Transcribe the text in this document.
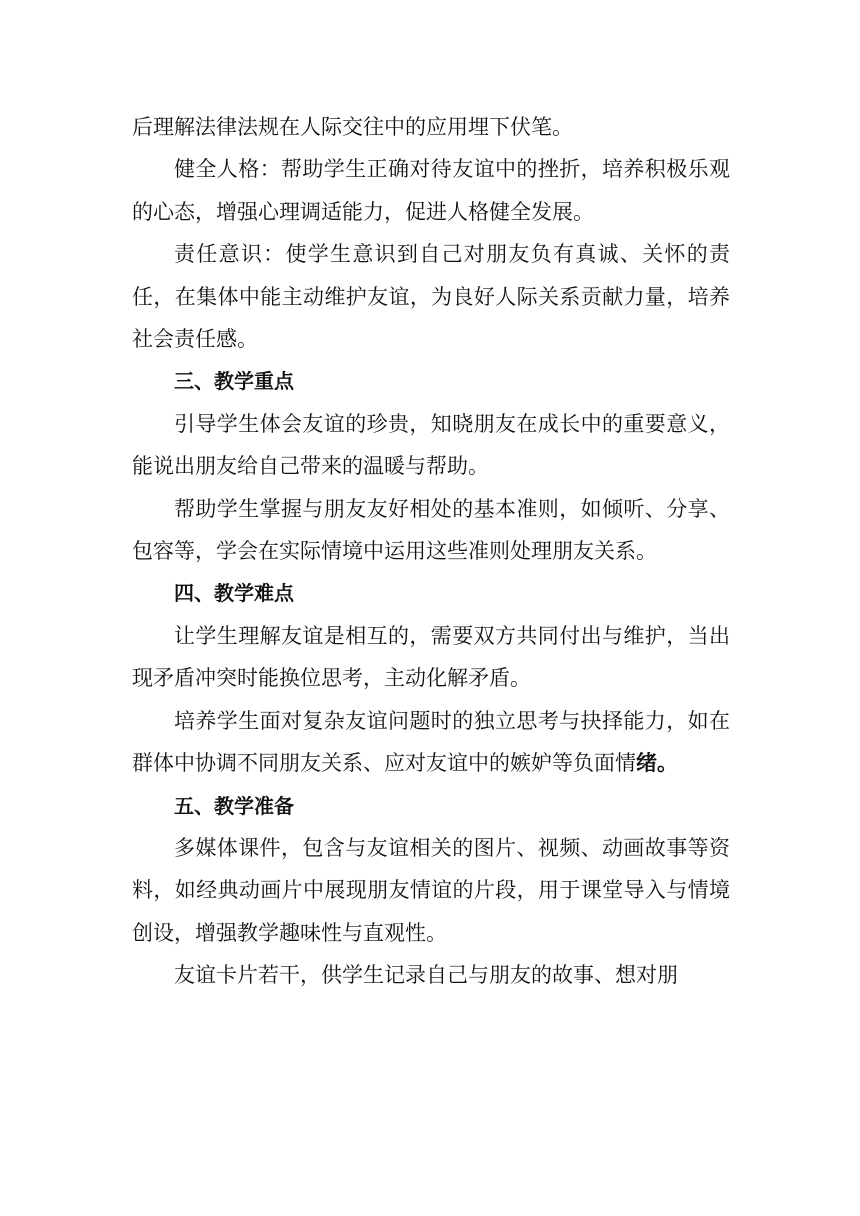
后理解法律法规在人际交往中的应用埋下伏笔。

健全人格：帮助学生正确对待友谊中的挫折，培养积极乐观的心态，增强心理调适能力，促进人格健全发展。

责任意识：使学生意识到自己对朋友负有真诚、关怀的责任，在集体中能主动维护友谊，为良好人际关系贡献力量，培养社会责任感。

三、教学重点

引导学生体会友谊的珍贵，知晓朋友在成长中的重要意义，能说出朋友给自己带来的温暖与帮助。

帮助学生掌握与朋友友好相处的基本准则，如倾听、分享、包容等，学会在实际情境中运用这些准则处理朋友关系。

四、教学难点

让学生理解友谊是相互的，需要双方共同付出与维护，当出现矛盾冲突时能换位思考，主动化解矛盾。

培养学生面对复杂友谊问题时的独立思考与抉择能力，如在群体中协调不同朋友关系、应对友谊中的嫉妒等负面情绪。

五、教学准备

多媒体课件，包含与友谊相关的图片、视频、动画故事等资料，如经典动画片中展现朋友情谊的片段，用于课堂导入与情境创设，增强教学趣味性与直观性。

友谊卡片若干，供学生记录自己与朋友的故事、想对朋
